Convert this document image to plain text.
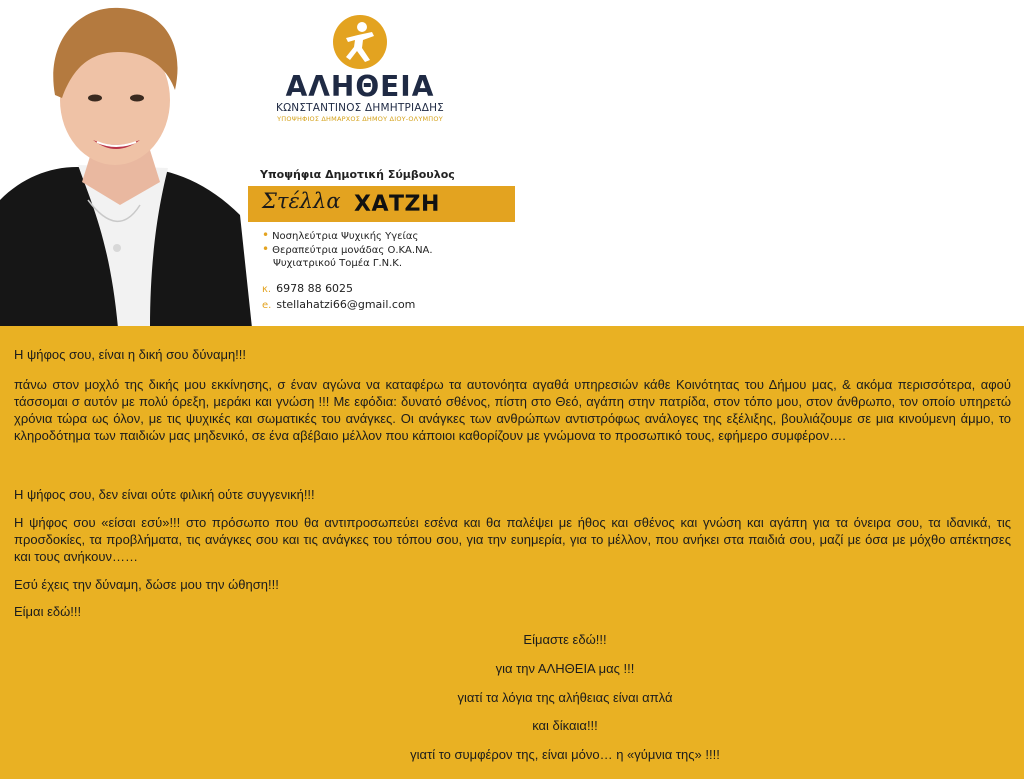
ΑΛΗΘΕΙΑ
ΚΩΝΣΤΑΝΤΙΝΟΣ ΔΗΜΗΤΡΙΑΔΗΣ
ΥΠΟΨΗΦΙΟΣ ΔΗΜΑΡΧΟΣ ΔΗΜΟΥ ΔΙΟΥ-ΟΛΥΜΠΟΥ
Υποψήφια Δημοτική Σύμβουλος
Στέλλα ΧΑΤΖΗ
• Νοσηλεύτρια Ψυχικής Υγείας
• Θεραπεύτρια μονάδας Ο.ΚΑ.ΝΑ.
Ψυχιατρικού Τομέα Γ.Ν.Κ.
κ. 6978 88 6025
e. stellahatzi66@gmail.com

Η ψήφος σου, είναι η δική σου δύναμη!!!

πάνω στον μοχλό της δικής μου εκκίνησης, σ έναν αγώνα να καταφέρω τα αυτονόητα αγαθά υπηρεσιών κάθε Κοινότητας του Δήμου μας, & ακόμα περισσότερα, αφού τάσσομαι σ αυτόν με πολύ όρεξη, μεράκι και γνώση !!! Με εφόδια: δυνατό σθένος, πίστη στο Θεό, αγάπη στην πατρίδα, στον τόπο μου, στον άνθρωπο, τον οποίο υπηρετώ χρόνια τώρα ως όλον, με τις ψυχικές και σωματικές του ανάγκες. Οι ανάγκες των ανθρώπων αντιστρόφως ανάλογες της εξέλιξης, βουλιάζουμε σε μια κινούμενη άμμο, το κληροδότημα των παιδιών μας μηδενικό, σε ένα αβέβαιο μέλλον που κάποιοι καθορίζουν με γνώμονα το προσωπικό τους, εφήμερο συμφέρον….

Η ψήφος σου, δεν είναι ούτε φιλική ούτε συγγενική!!!

Η ψήφος σου «είσαι εσύ»!!! στο πρόσωπο που θα αντιπροσωπεύει εσένα και θα παλέψει με ήθος και σθένος και γνώση και αγάπη για τα όνειρα σου, τα ιδανικά, τις προσδοκίες, τα προβλήματα, τις ανάγκες σου και τις ανάγκες του τόπου σου, για την ευημερία, για το μέλλον, που ανήκει στα παιδιά σου, μαζί με όσα με μόχθο απέκτησες και τους ανήκουν……

Εσύ έχεις την δύναμη, δώσε μου την ώθηση!!!

Είμαι εδώ!!!

Είμαστε εδώ!!!

για την ΑΛΗΘΕΙΑ μας !!!

γιατί τα λόγια της αλήθειας είναι απλά

και δίκαια!!!

γιατί το συμφέρον της, είναι μόνο… η «γύμνια της» !!!!
